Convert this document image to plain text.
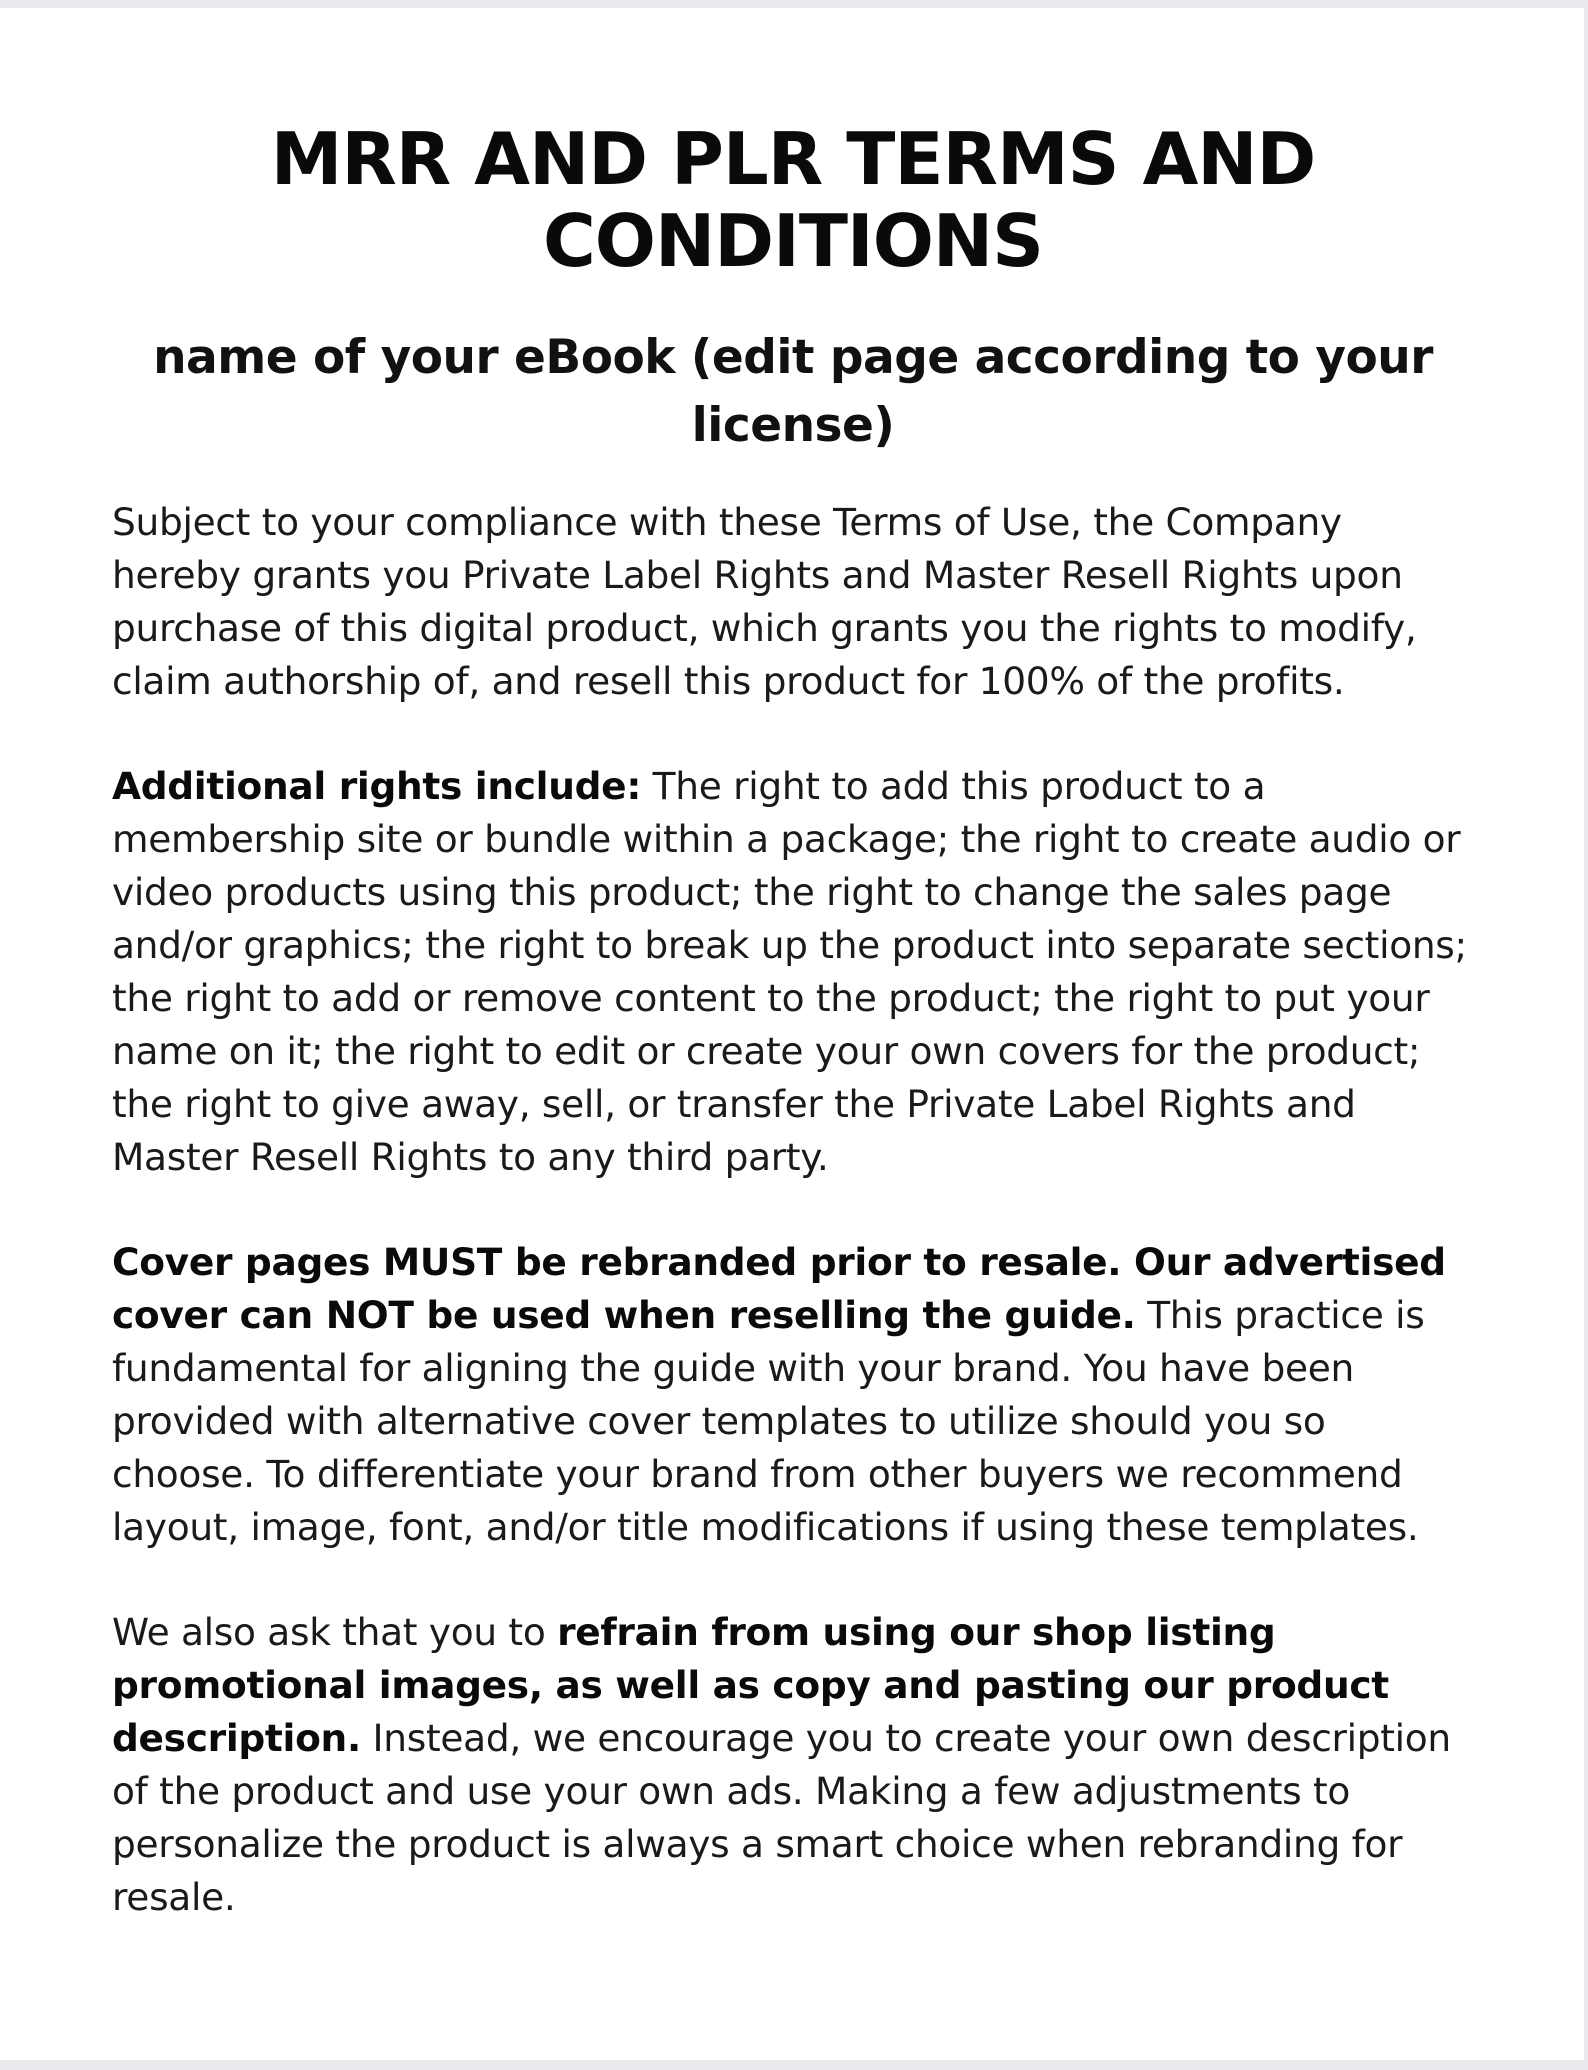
MRR AND PLR TERMS AND CONDITIONS
name of your eBook (edit page according to your license)

Subject to your compliance with these Terms of Use, the Company hereby grants you Private Label Rights and Master Resell Rights upon purchase of this digital product, which grants you the rights to modify, claim authorship of, and resell this product for 100% of the profits.

Additional rights include: The right to add this product to a membership site or bundle within a package; the right to create audio or video products using this product; the right to change the sales page and/or graphics; the right to break up the product into separate sections; the right to add or remove content to the product; the right to put your name on it; the right to edit or create your own covers for the product; the right to give away, sell, or transfer the Private Label Rights and Master Resell Rights to any third party.

Cover pages MUST be rebranded prior to resale. Our advertised cover can NOT be used when reselling the guide. This practice is fundamental for aligning the guide with your brand. You have been provided with alternative cover templates to utilize should you so choose. To differentiate your brand from other buyers we recommend layout, image, font, and/or title modifications if using these templates.

We also ask that you to refrain from using our shop listing promotional images, as well as copy and pasting our product description. Instead, we encourage you to create your own description of the product and use your own ads. Making a few adjustments to personalize the product is always a smart choice when rebranding for resale.
